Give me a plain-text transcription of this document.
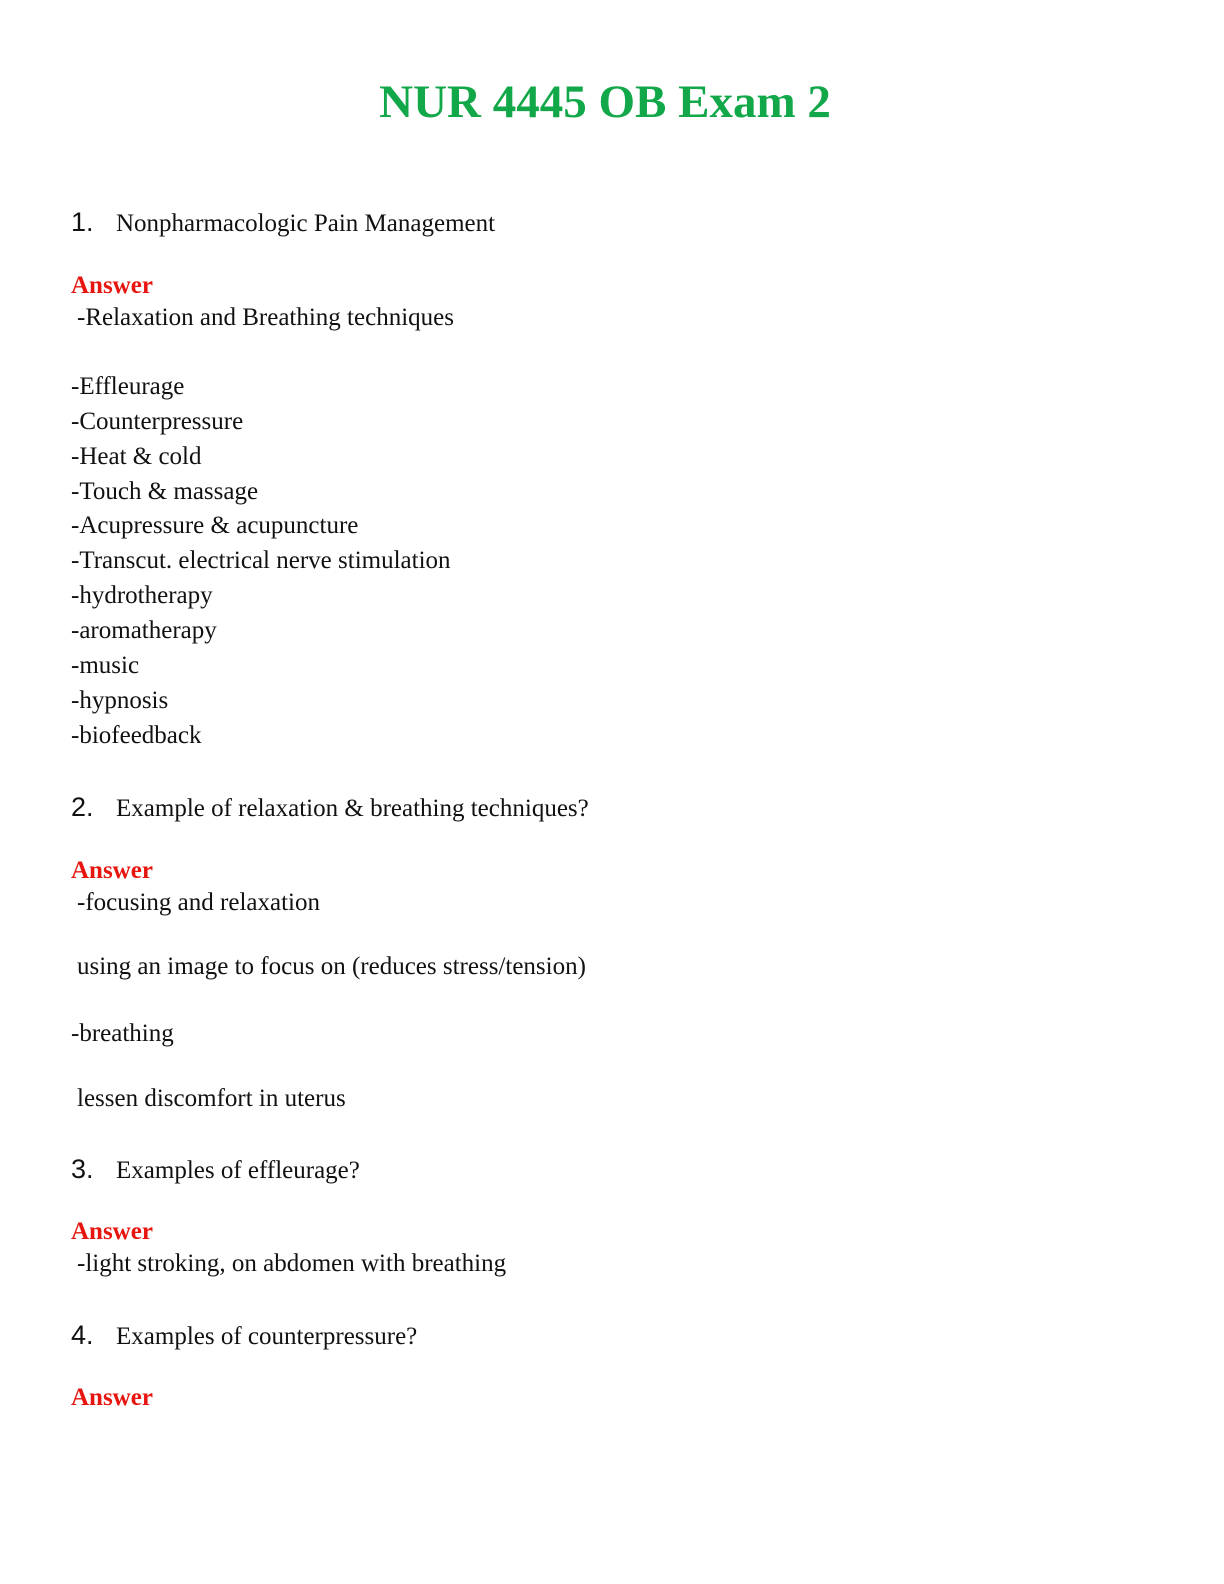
NUR 4445 OB Exam 2
1. Nonpharmacologic Pain Management
Answer
-Relaxation and Breathing techniques
-Effleurage
-Counterpressure
-Heat & cold
-Touch & massage
-Acupressure & acupuncture
-Transcut. electrical nerve stimulation
-hydrotherapy
-aromatherapy
-music
-hypnosis
-biofeedback
2. Example of relaxation & breathing techniques?
Answer
-focusing and relaxation
using an image to focus on (reduces stress/tension)
-breathing
lessen discomfort in uterus
3. Examples of effleurage?
Answer
-light stroking, on abdomen with breathing
4. Examples of counterpressure?
Answer
